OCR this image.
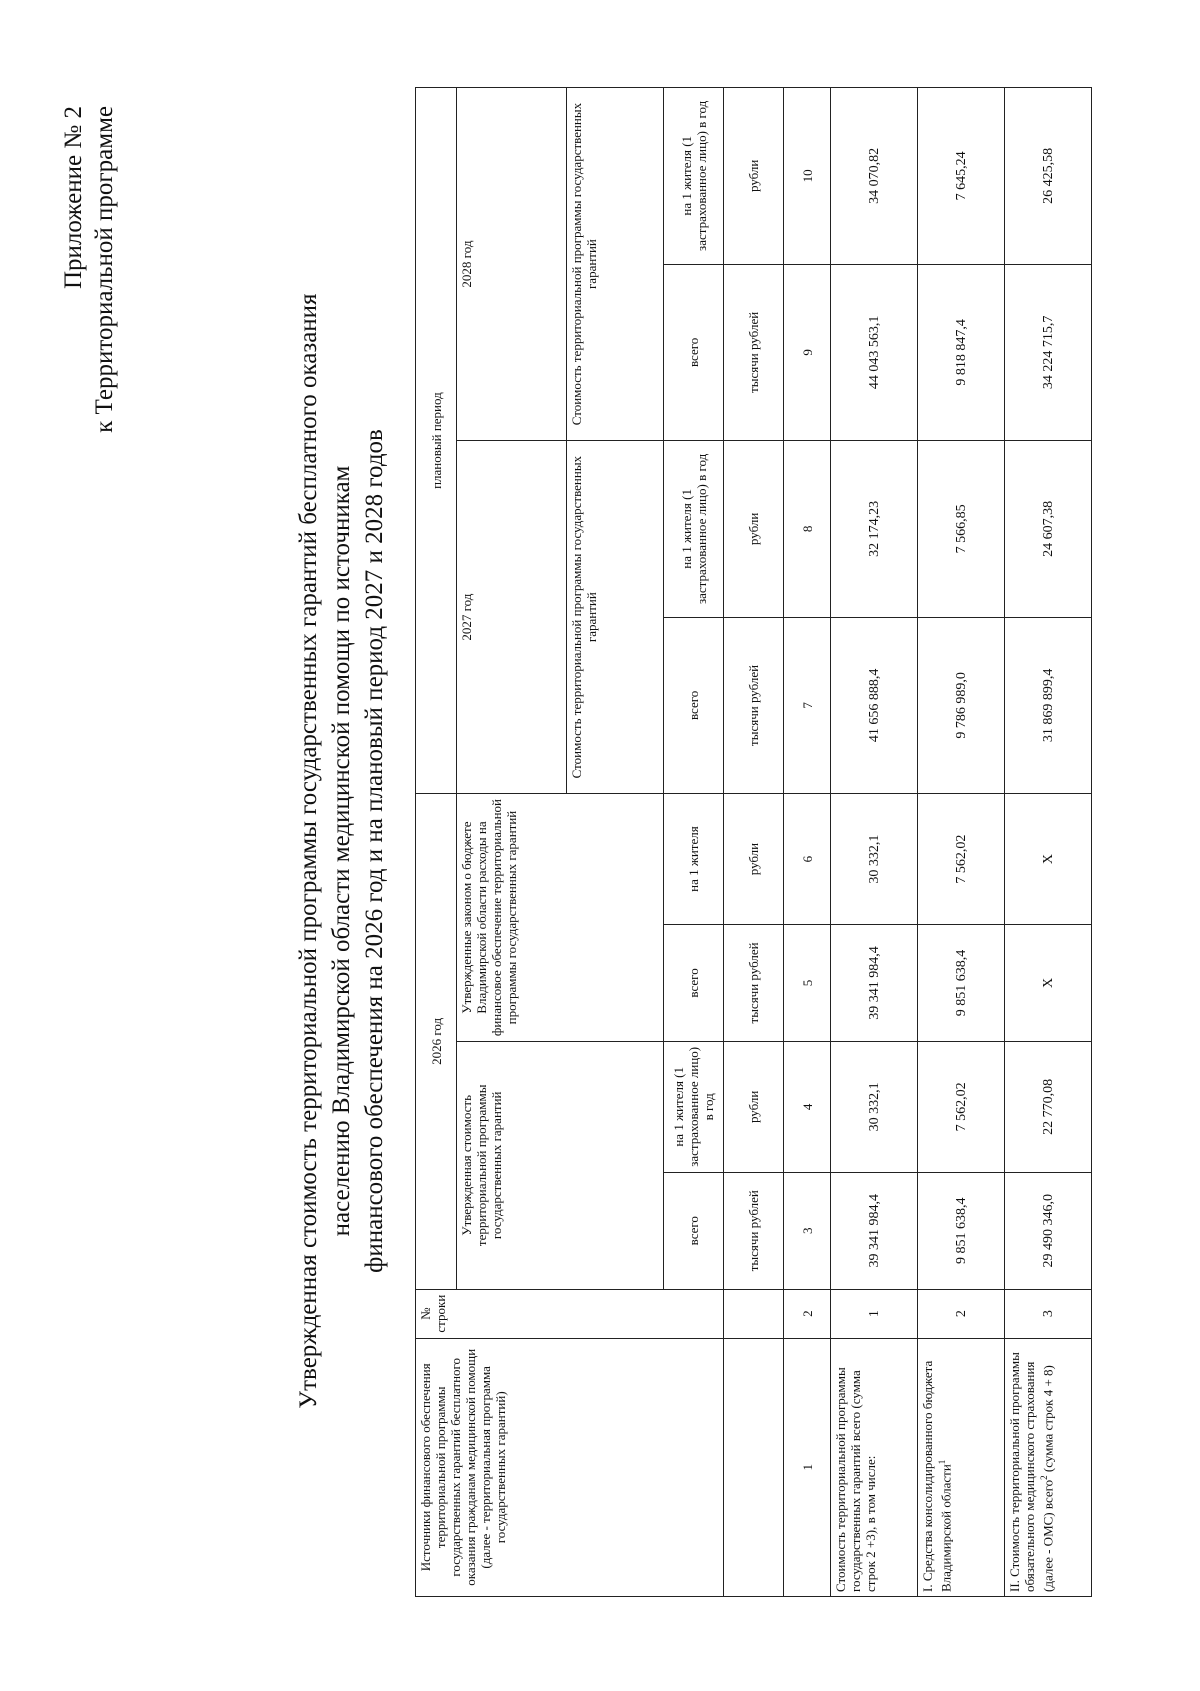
Приложение № 2 к Территориальной программе
Утвержденная стоимость территориальной программы государственных гарантий бесплатного оказания населению Владимирской области медицинской помощи по источникам финансового обеспечения на 2026 год и на плановый период 2027 и 2028 годов
Источники финансового обеспечения территориальной программы государственных гарантий бесплатного оказания гражданам медицинской помощи (далее - территориальная программа государственных гарантий)	№ строки	2026 год				плановый период			
		Утвержденная стоимость территориальной программы государственных гарантий		Утвержденные законом о бюджете Владимирской области расходы на финансовое обеспечение территориальной программы государственных гарантий		2027 год		2028 год	
						Стоимость территориальной программы государственных гарантий		Стоимость территориальной программы государственных гарантий	
		всего	на 1 жителя (1 застрахованное лицо) в год	всего	на 1 жителя	всего	на 1 жителя (1 застрахованное лицо) в год	всего	на 1 жителя (1 застрахованное лицо) в год
		тысячи рублей	рубли	тысячи рублей	рубли	тысячи рублей	рубли	тысячи рублей	рубли
1	2	3	4	5	6	7	8	9	10
Стоимость территориальной программы государственных гарантий всего (сумма строк 2 +3), в том числе:	1	39 341 984,4	30 332,1	39 341 984,4	30 332,1	41 656 888,4	32 174,23	44 043 563,1	34 070,82
I. Средства консолидированного бюджета Владимирской области$^1$	2	9 851 638,4	7 562,02	9 851 638,4	7 562,02	9 786 989,0	7 566,85	9 818 847,4	7 645,24
II. Стоимость территориальной программы обязательного медицинского страхования (далее - ОМС) всего$^2$ (сумма строк 4 + 8)	3	29 490 346,0	22 770,08	X	X	31 869 899,4	24 607,38	34 224 715,7	26 425,58
